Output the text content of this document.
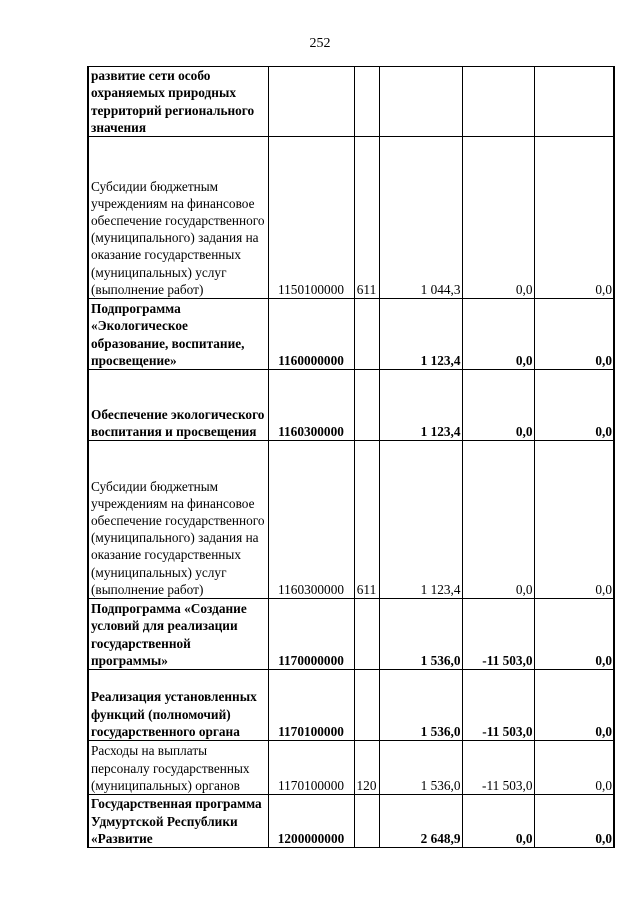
252
развитие сети особо охраняемых природных территорий регионального значения					
Субсидии бюджетным учреждениям на финансовое обеспечение государственного (муниципального) задания на оказание государственных (муниципальных) услуг (выполнение работ)	1150100000	611	1 044,3	0,0	0,0
Подпрограмма «Экологическое образование, воспитание, просвещение»	1160000000		1 123,4	0,0	0,0
Обеспечение экологического воспитания и просвещения	1160300000		1 123,4	0,0	0,0
Субсидии бюджетным учреждениям на финансовое обеспечение государственного (муниципального) задания на оказание государственных (муниципальных) услуг (выполнение работ)	1160300000	611	1 123,4	0,0	0,0
Подпрограмма «Создание условий для реализации государственной программы»	1170000000		1 536,0	-11 503,0	0,0
Реализация установленных функций (полномочий) государственного органа	1170100000		1 536,0	-11 503,0	0,0
Расходы на выплаты персоналу государственных (муниципальных) органов	1170100000	120	1 536,0	-11 503,0	0,0
Государственная программа Удмуртской Республики «Развитие	1200000000		2 648,9	0,0	0,0
